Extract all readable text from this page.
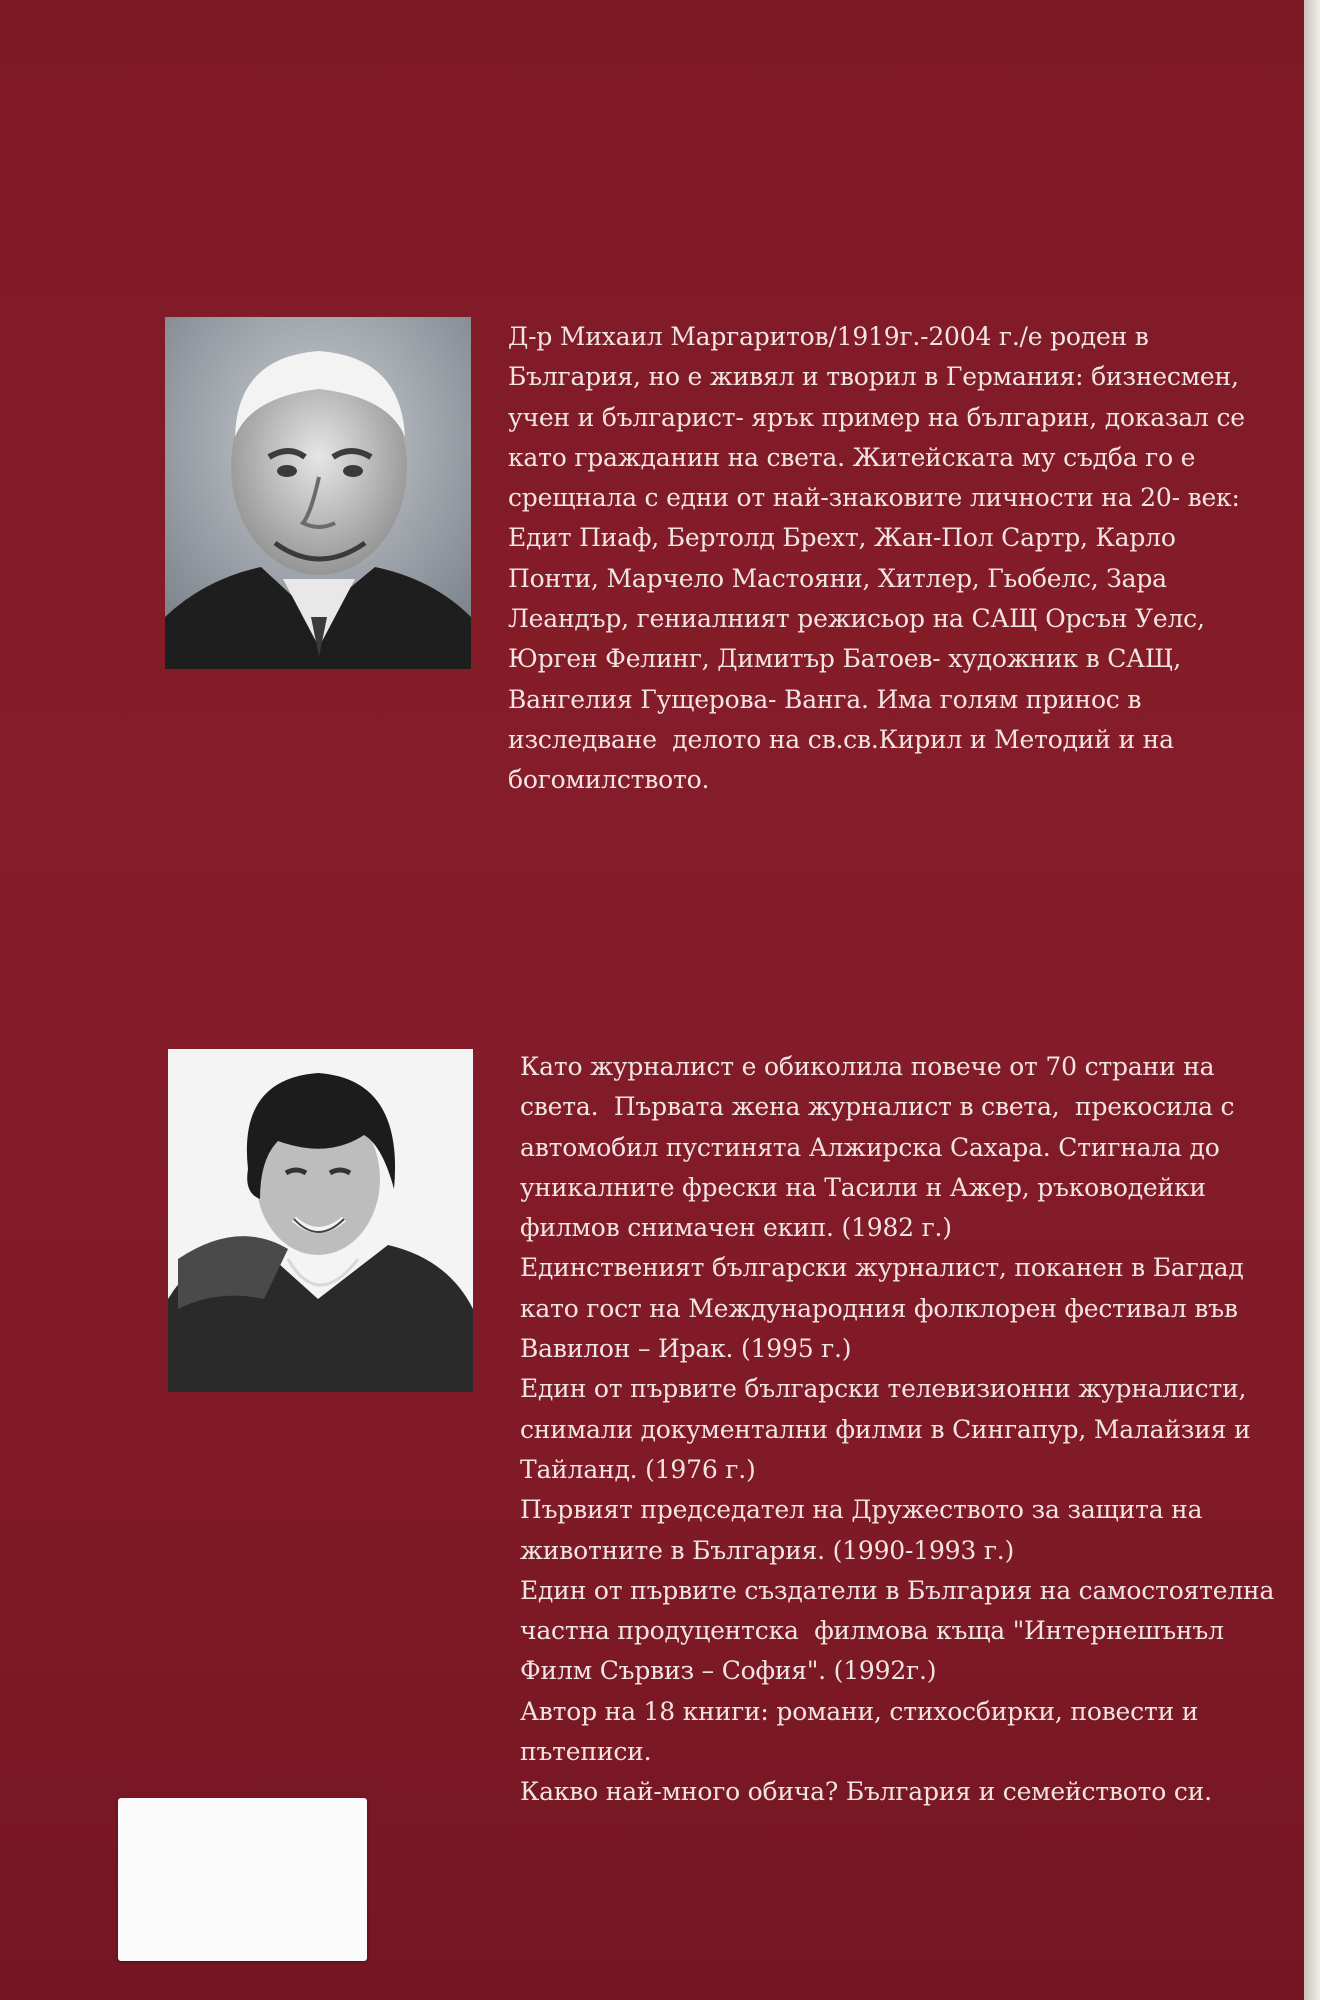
Д-р Михаил Маргаритов/1919г.-2004 г./е роден в
България, но е живял и творил в Германия: бизнесмен,
учен и българист- ярък пример на българин, доказал се
като гражданин на света. Житейската му съдба го е
срещнала с едни от най-знаковите личности на 20- век:
Едит Пиаф, Бертолд Брехт, Жан-Пол Сартр, Карло
Понти, Марчело Мастояни, Хитлер, Гьобелс, Зара
Леандър, гениалният режисьор на САЩ Орсън Уелс,
Юрген Фелинг, Димитър Батоев- художник в САЩ,
Вангелия Гущерова- Ванга. Има голям принос в
изследване  делото на св.св.Кирил и Методий и на
богомилството.
Като журналист е обиколила повече от 70 страни на
света.  Първата жена журналист в света,  прекосила с
автомобил пустинята Алжирска Сахара. Стигнала до
уникалните фрески на Тасили н Ажер, ръководейки
филмов снимачен екип. (1982 г.)
Единственият български журналист, поканен в Багдад
като гост на Международния фолклорен фестивал във
Вавилон – Ирак. (1995 г.)
Един от първите български телевизионни журналисти,
снимали документални филми в Сингапур, Малайзия и
Тайланд. (1976 г.)
Първият председател на Дружеството за защита на
животните в България. (1990-1993 г.)
Един от първите създатели в България на самостоятелна
частна продуцентска  филмова къща "Интернешънъл
Филм Сървиз – София". (1992г.)
Автор на 18 книги: романи, стихосбирки, повести и
пътеписи.
Какво най-много обича? България и семейството си.
